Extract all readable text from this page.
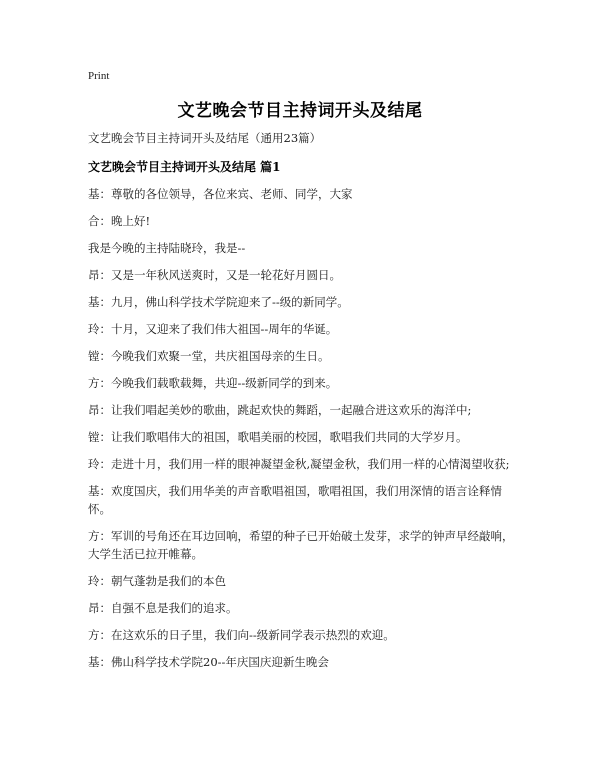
Print
文艺晚会节目主持词开头及结尾

文艺晚会节目主持词开头及结尾（通用23篇）

文艺晚会节目主持词开头及结尾 篇1

基：尊敬的各位领导，各位来宾、老师、同学，大家

合：晚上好!

我是今晚的主持陆晓玲，我是--

昂：又是一年秋风送爽时，又是一轮花好月圆日。

基：九月，佛山科学技术学院迎来了--级的新同学。

玲：十月，又迎来了我们伟大祖国--周年的华诞。

镗：今晚我们欢聚一堂，共庆祖国母亲的生日。

方：今晚我们载歌载舞，共迎--级新同学的到来。

昂：让我们唱起美妙的歌曲，跳起欢快的舞蹈，一起融合进这欢乐的海洋中;

镗：让我们歌唱伟大的祖国，歌唱美丽的校园，歌唱我们共同的大学岁月。

玲：走进十月，我们用一样的眼神凝望金秋,凝望金秋，我们用一样的心情渴望收获;

基：欢度国庆，我们用华美的声音歌唱祖国，歌唱祖国，我们用深情的语言诠释情怀。

方：军训的号角还在耳边回响，希望的种子已开始破土发芽，求学的钟声早经敲响，大学生活已拉开帷幕。

玲：朝气蓬勃是我们的本色

昂：自强不息是我们的追求。

方：在这欢乐的日子里，我们向--级新同学表示热烈的欢迎。

基：佛山科学技术学院20--年庆国庆迎新生晚会
